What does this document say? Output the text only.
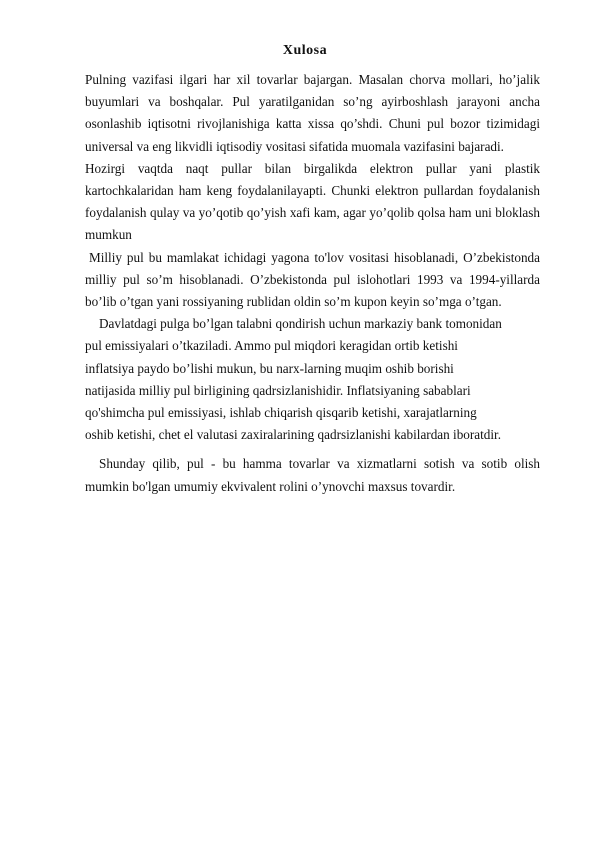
Xulosa

Pulning vazifasi ilgari har xil tovarlar bajargan. Masalan chorva mollari, ho’jalik buyumlari va boshqalar. Pul yaratilganidan so’ng ayirboshlash jarayoni ancha osonlashib iqtisotni rivojlanishiga katta xissa qo’shdi. Chuni pul bozor tizimidagi universal va eng likvidli iqtisodiy vositasi sifatida muomala vazifasini bajaradi.

Hozirgi vaqtda naqt pullar bilan birgalikda elektron pullar yani plastik kartochkalaridan ham keng foydalanilayapti. Chunki elektron pullardan foydalanish foydalanish qulay va yo’qotib qo’yish xafi kam, agar yo’qolib qolsa ham uni bloklash mumkun

Milliy pul bu mamlakat ichidagi yagona to'lov vositasi hisoblanadi, O’zbekistonda milliy pul so’m hisoblanadi. O’zbekistonda pul islohotlari 1993 va 1994-yillarda bo’lib o’tgan yani rossiyaning rublidan oldin so’m kupon keyin so’mga o’tgan.

Davlatdagi pulga bo’lgan talabni qondirish uchun markaziy bank tomonidan pul emissiyalari o’tkaziladi. Ammo pul miqdori keragidan ortib ketishi inflatsiya paydo bo’lishi mukun, bu narx-larning muqim oshib borishi natijasida milliy pul birligining qadrsizlanishidir. Inflatsiyaning sabablari qo'shimcha pul emissiyasi, ishlab chiqarish qisqarib ketishi, xarajatlarning oshib ketishi, chet el valutasi zaxiralarining qadrsizlanishi kabilardan iboratdir.

Shunday qilib, pul - bu hamma tovarlar va xizmatlarni sotish va sotib olish mumkin bo'lgan umumiy ekvivalent rolini o’ynovchi maxsus tovardir.
